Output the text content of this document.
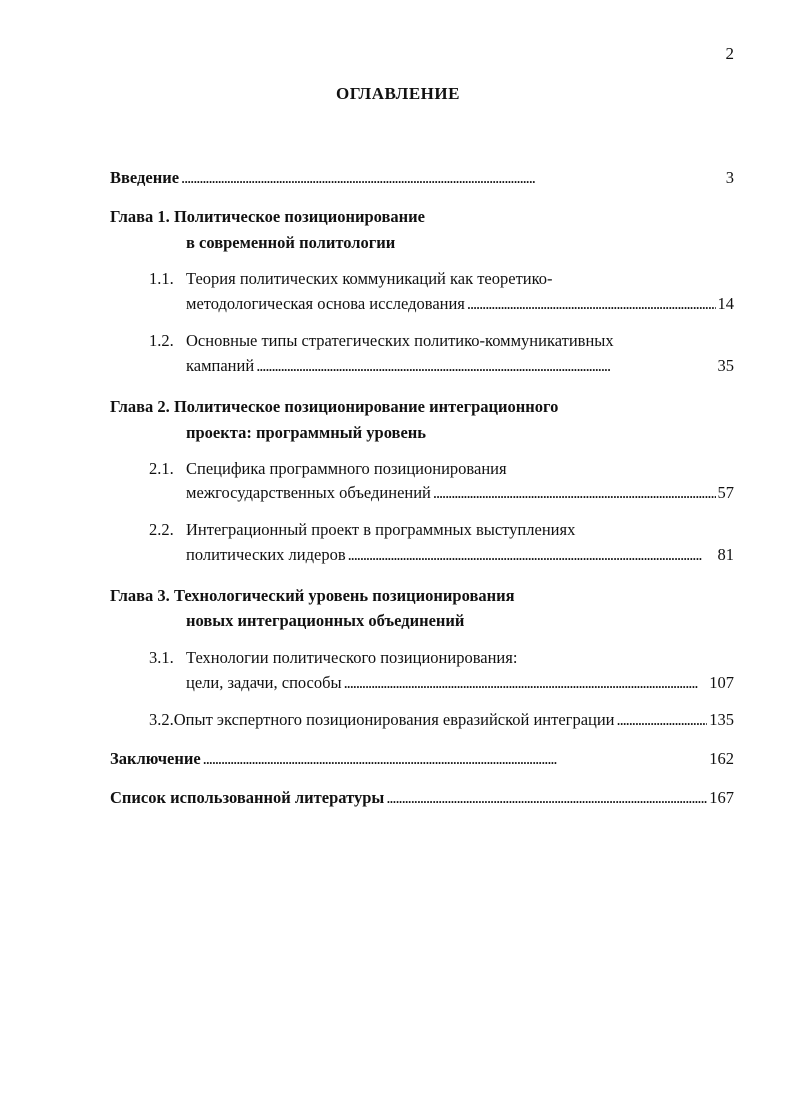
2
ОГЛАВЛЕНИЕ
Введение . . .	3
Глава 1. Политическое позиционирование
в современной политологии
1.1. Теория политических коммуникаций как теоретико-
методологическая основа исследования . . .	14
1.2. Основные типы стратегических политико-коммуникативных
кампаний . . .	35
Глава 2. Политическое позиционирование интеграционного
проекта: программный уровень
2.1. Специфика программного позиционирования
межгосударственных объединений . . .	57
2.2. Интеграционный проект в программных выступлениях
политических лидеров . . .	81
Глава 3. Технологический уровень позиционирования
новых интеграционных объединений
3.1. Технологии политического позиционирования:
цели, задачи, способы . . .	107
3.2. Опыт экспертного позиционирования евразийской интеграции . . .	135
Заключение . . .	162
Список использованной литературы . . .	167
